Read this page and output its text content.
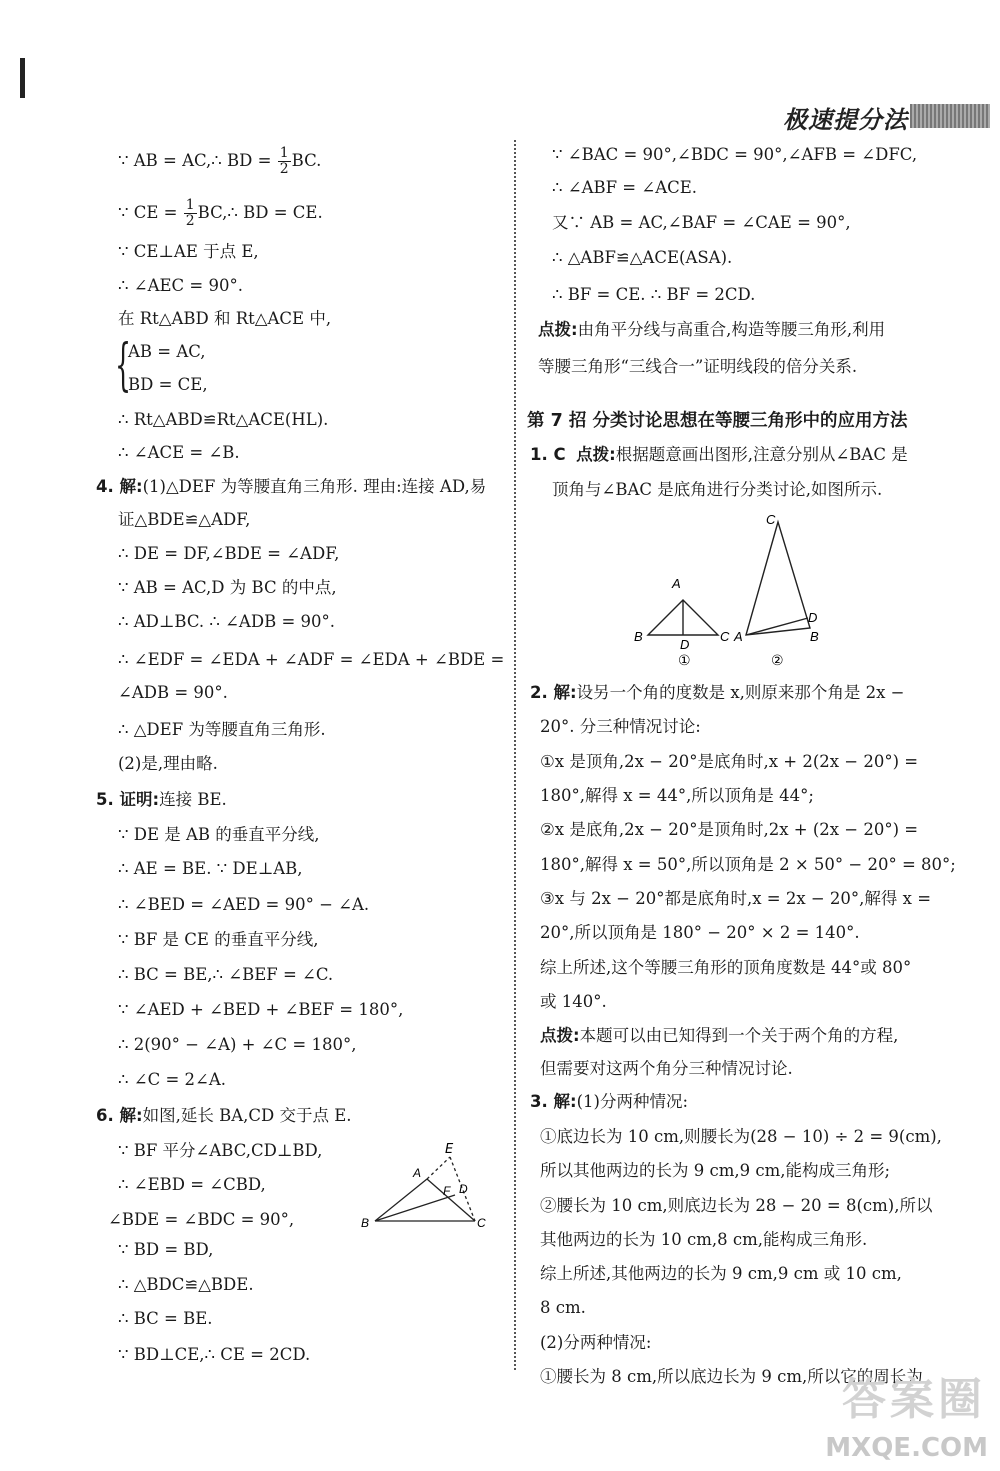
极速提分法
∵ AB = AC,∴ BD = $\frac{1}{2}$ BC.
∵ CE = $\frac{1}{2}$ BC,∴ BD = CE.
∵ CE⊥AE 于点 E,
∴ ∠AEC = 90°.
在 Rt△ABD 和 Rt△ACE 中,
{
AB = AC,
BD = CE,
∴ Rt△ABD≌Rt△ACE(HL).
∴ ∠ACE = ∠B.
4. 解:(1)△DEF 为等腰直角三角形. 理由:连接 AD,易
证△BDE≌△ADF,
∴ DE = DF,∠BDE = ∠ADF,
∵ AB = AC,D 为 BC 的中点,
∴ AD⊥BC. ∴ ∠ADB = 90°.
∴ ∠EDF = ∠EDA + ∠ADF = ∠EDA + ∠BDE =
∠ADB = 90°.
∴ △DEF 为等腰直角三角形.
(2)是,理由略.
5. 证明:连接 BE.
∵ DE 是 AB 的垂直平分线,
∴ AE = BE. ∵ DE⊥AB,
∴ ∠BED = ∠AED = 90° − ∠A.
∵ BF 是 CE 的垂直平分线,
∴ BC = BE,∴ ∠BEF = ∠C.
∵ ∠AED + ∠BED + ∠BEF = 180°,
∴ 2(90° − ∠A) + ∠C = 180°,
∴ ∠C = 2∠A.
6. 解:如图,延长 BA,CD 交于点 E.
∵ BF 平分∠ABC,CD⊥BD,
∴ ∠EBD = ∠CBD,
∠BDE = ∠BDC = 90°,
∵ BD = BD,
∴ △BDC≌△BDE.
∴ BC = BE.
∵ BD⊥CE,∴ CE = 2CD.
E
A
F D
B	C
∵ ∠BAC = 90°,∠BDC = 90°,∠AFB = ∠DFC,
∴ ∠ABF = ∠ACE.
又∵ AB = AC,∠BAF = ∠CAE = 90°,
∴ △ABF≌△ACE(ASA).
∴ BF = CE. ∴ BF = 2CD.
点拨:由角平分线与高重合,构造等腰三角形,利用
等腰三角形“三线合一”证明线段的倍分关系.
第 7 招 分类讨论思想在等腰三角形中的应用方法
1. C 点拨:根据题意画出图形,注意分别从∠BAC 是
顶角与∠BAC 是底角进行分类讨论,如图所示.
A
B
D
C
①
C
D
A	B
②
2. 解:设另一个角的度数是 x,则原来那个角是 2x −
20°. 分三种情况讨论:
①x 是顶角,2x − 20°是底角时,x + 2(2x − 20°) =
180°,解得 x = 44°,所以顶角是 44°;
②x 是底角,2x − 20°是顶角时,2x + (2x − 20°) =
180°,解得 x = 50°,所以顶角是 2 × 50° − 20° = 80°;
③x 与 2x − 20°都是底角时,x = 2x − 20°,解得 x =
20°,所以顶角是 180° − 20° × 2 = 140°.
综上所述,这个等腰三角形的顶角度数是 44°或 80°
或 140°.
点拨:本题可以由已知得到一个关于两个角的方程,
但需要对这两个角分三种情况讨论.
3. 解:(1)分两种情况:
①底边长为 10 cm,则腰长为(28 − 10) ÷ 2 = 9(cm),
所以其他两边的长为 9 cm,9 cm,能构成三角形;
②腰长为 10 cm,则底边长为 28 − 20 = 8(cm),所以
其他两边的长为 10 cm,8 cm,能构成三角形.
综上所述,其他两边的长为 9 cm,9 cm 或 10 cm,
8 cm.
(2)分两种情况:
①腰长为 8 cm,所以底边长为 9 cm,所以它的周长为
答案圈
MXQE.COM
